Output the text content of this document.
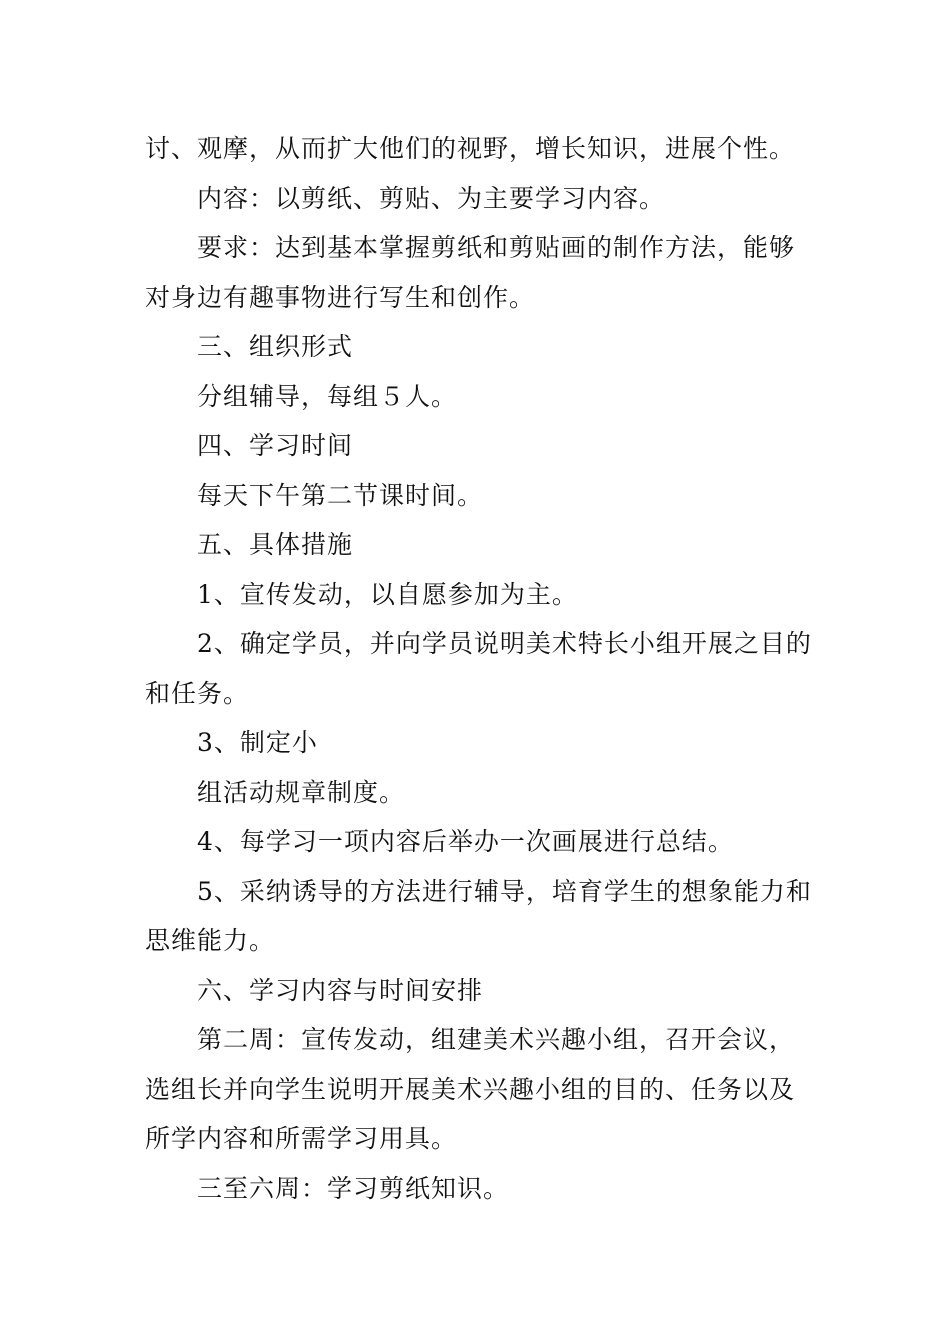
讨、观摩，从而扩大他们的视野，增长知识，进展个性。
内容：以剪纸、剪贴、为主要学习内容。
要求：达到基本掌握剪纸和剪贴画的制作方法，能够
对身边有趣事物进行写生和创作。
三、组织形式
分组辅导，每组５人。
四、学习时间
每天下午第二节课时间。
五、具体措施
1、宣传发动，以自愿参加为主。
2、确定学员，并向学员说明美术特长小组开展之目的
和任务。
3、制定小
组活动规章制度。
4、每学习一项内容后举办一次画展进行总结。
5、采纳诱导的方法进行辅导，培育学生的想象能力和
思维能力。
六、学习内容与时间安排
第二周：宣传发动，组建美术兴趣小组，召开会议，
选组长并向学生说明开展美术兴趣小组的目的、任务以及
所学内容和所需学习用具。
三至六周：学习剪纸知识。
